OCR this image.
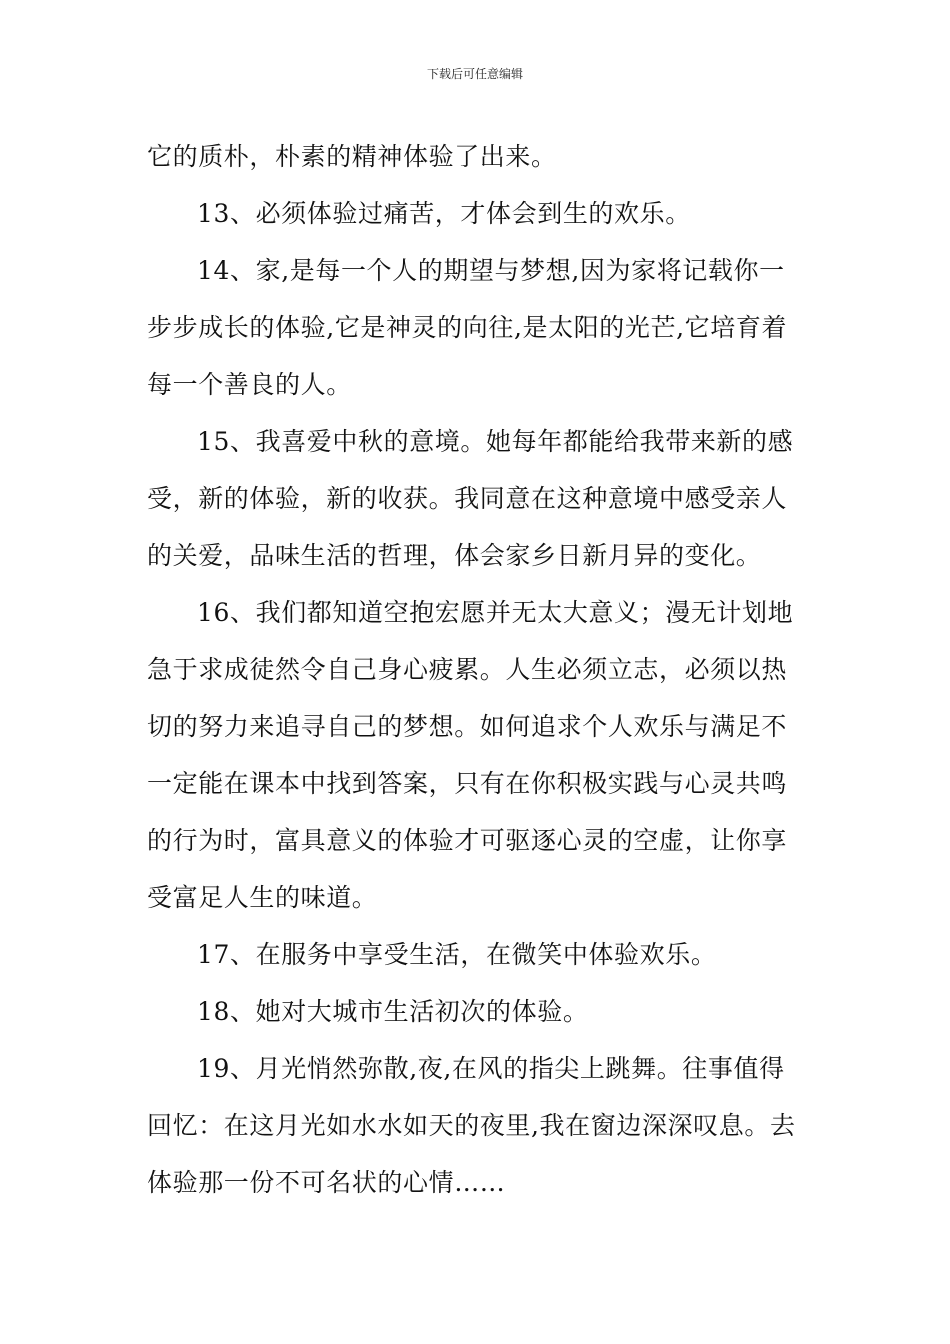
下载后可任意编辑

它的质朴，朴素的精神体验了出来。

13、必须体验过痛苦，才体会到生的欢乐。

14、家,是每一个人的期望与梦想,因为家将记载你一
步步成长的体验,它是神灵的向往,是太阳的光芒,它培育着
每一个善良的人。

15、我喜爱中秋的意境。她每年都能给我带来新的感
受，新的体验，新的收获。我同意在这种意境中感受亲人
的关爱，品味生活的哲理，体会家乡日新月异的变化。

16、我们都知道空抱宏愿并无太大意义；漫无计划地
急于求成徒然令自己身心疲累。人生必须立志，必须以热
切的努力来追寻自己的梦想。如何追求个人欢乐与满足不
一定能在课本中找到答案，只有在你积极实践与心灵共鸣
的行为时，富具意义的体验才可驱逐心灵的空虚，让你享
受富足人生的味道。

17、在服务中享受生活，在微笑中体验欢乐。

18、她对大城市生活初次的体验。

19、月光悄然弥散,夜,在风的指尖上跳舞。往事值得
回忆：在这月光如水水如天的夜里,我在窗边深深叹息。去
体验那一份不可名状的心情……
